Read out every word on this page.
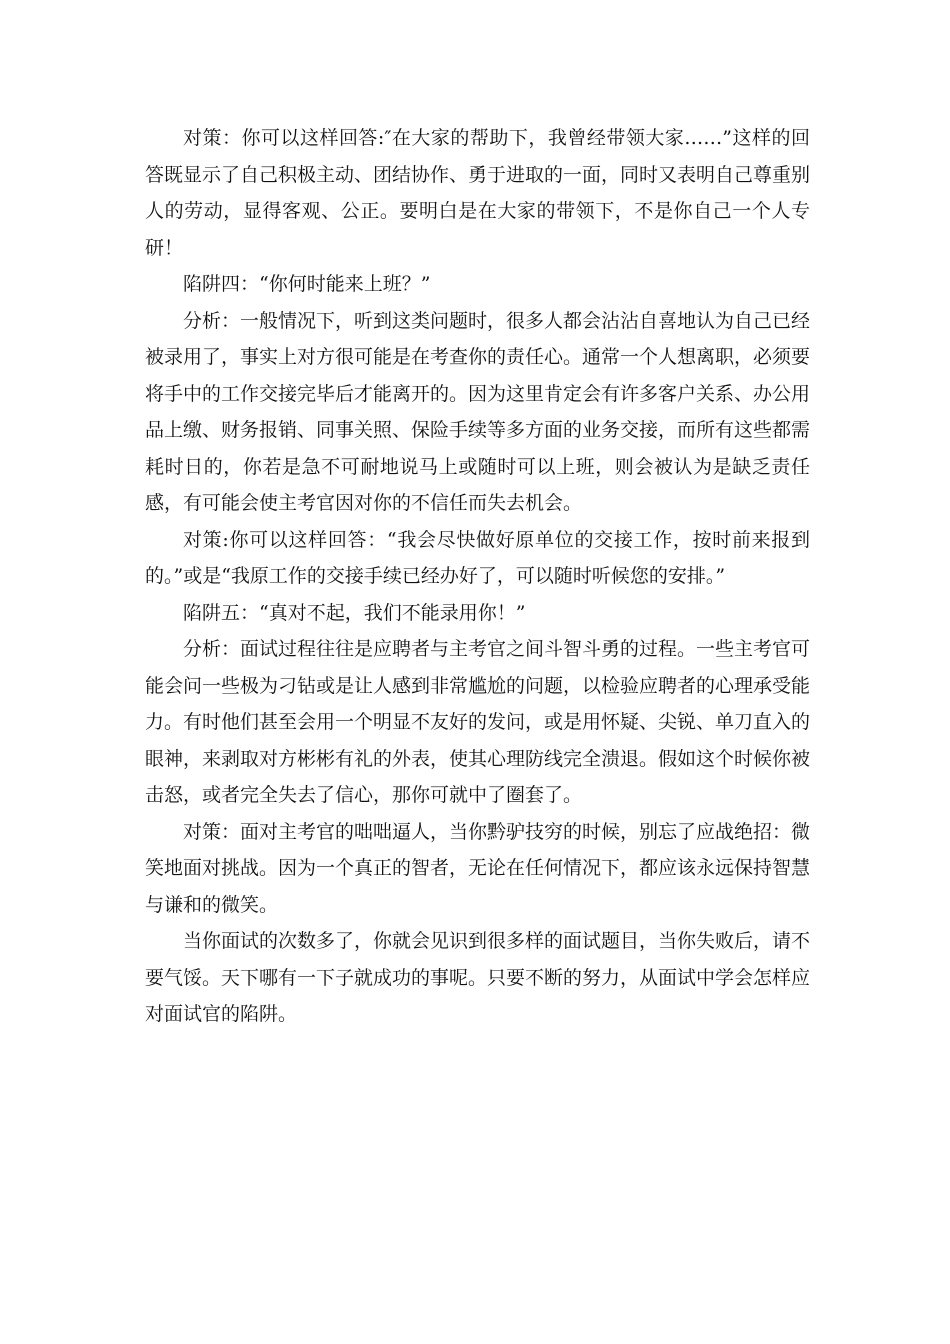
对策：你可以这样回答:″在大家的帮助下，我曾经带领大家……”这样的回答既显示了自己积极主动、团结协作、勇于进取的一面，同时又表明自己尊重别人的劳动，显得客观、公正。要明白是在大家的带领下，不是你自己一个人专研！

陷阱四：“你何时能来上班？”

分析：一般情况下，听到这类问题时，很多人都会沾沾自喜地认为自己已经被录用了，事实上对方很可能是在考查你的责任心。通常一个人想离职，必须要将手中的工作交接完毕后才能离开的。因为这里肯定会有许多客户关系、办公用品上缴、财务报销、同事关照、保险手续等多方面的业务交接，而所有这些都需耗时日的，你若是急不可耐地说马上或随时可以上班，则会被认为是缺乏责任感，有可能会使主考官因对你的不信任而失去机会。

对策:你可以这样回答：“我会尽快做好原单位的交接工作，按时前来报到的。”或是“我原工作的交接手续已经办好了，可以随时听候您的安排。”

陷阱五：“真对不起，我们不能录用你！”

分析：面试过程往往是应聘者与主考官之间斗智斗勇的过程。一些主考官可能会问一些极为刁钻或是让人感到非常尴尬的问题，以检验应聘者的心理承受能力。有时他们甚至会用一个明显不友好的发问，或是用怀疑、尖锐、单刀直入的眼神，来剥取对方彬彬有礼的外表，使其心理防线完全溃退。假如这个时候你被击怒，或者完全失去了信心，那你可就中了圈套了。

对策：面对主考官的咄咄逼人，当你黔驴技穷的时候，别忘了应战绝招：微笑地面对挑战。因为一个真正的智者，无论在任何情况下，都应该永远保持智慧与谦和的微笑。

当你面试的次数多了，你就会见识到很多样的面试题目，当你失败后，请不要气馁。天下哪有一下子就成功的事呢。只要不断的努力，从面试中学会怎样应对面试官的陷阱。
